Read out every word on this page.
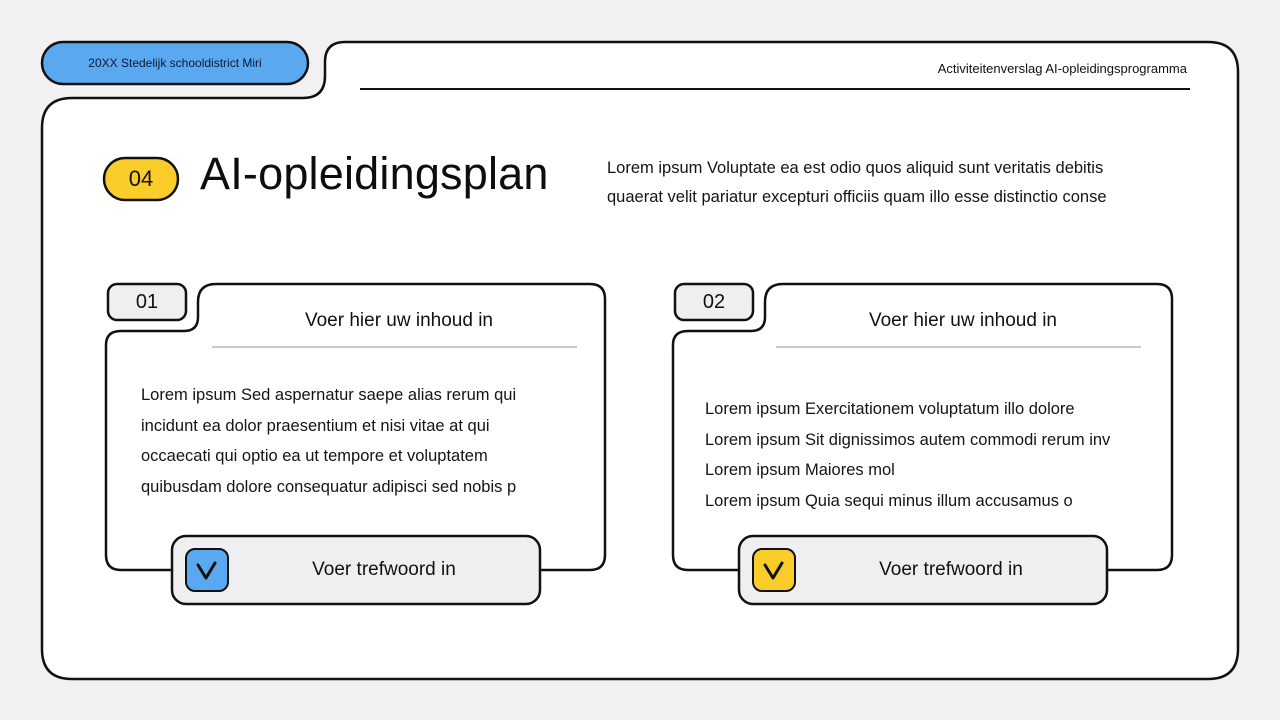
20XX Stedelijk schooldistrict Miri	Activiteitenverslag AI-opleidingsprogramma
04	AI-opleidingsplan	Lorem ipsum Voluptate ea est odio quos aliquid sunt veritatis debitis
quaerat velit pariatur excepturi officiis quam illo esse distinctio conse
01
Voer hier uw inhoud in
Lorem ipsum Sed aspernatur saepe alias rerum qui
incidunt ea dolor praesentium et nisi vitae at qui
occaecati qui optio ea ut tempore et voluptatem
quibusdam dolore consequatur adipisci sed nobis p
Voer trefwoord in
02
Voer hier uw inhoud in
Lorem ipsum Exercitationem voluptatum illo dolore
Lorem ipsum Sit dignissimos autem commodi rerum inv
Lorem ipsum Maiores mol
Lorem ipsum Quia sequi minus illum accusamus o
Voer trefwoord in
